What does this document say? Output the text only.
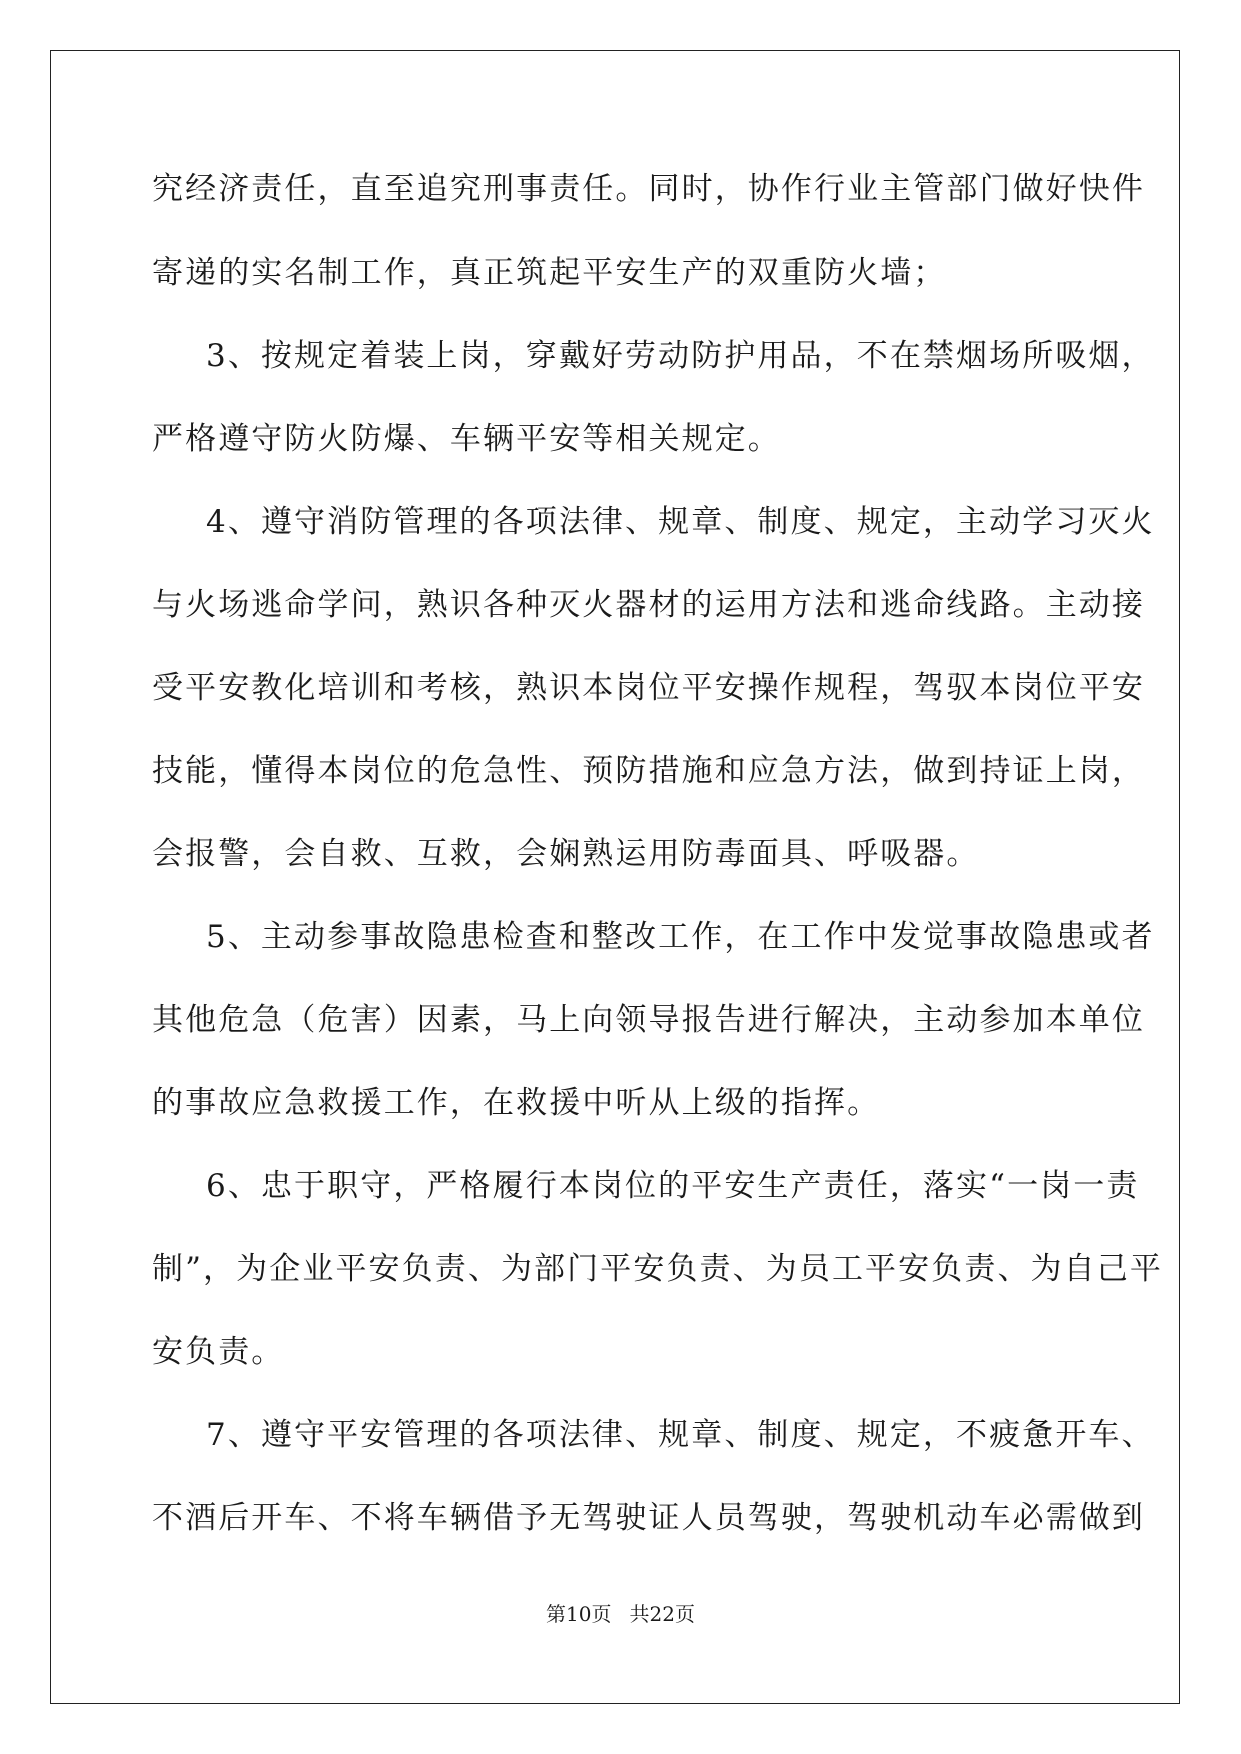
究经济责任，直至追究刑事责任。同时，协作行业主管部门做好快件
寄递的实名制工作，真正筑起平安生产的双重防火墙；
3、按规定着装上岗，穿戴好劳动防护用品，不在禁烟场所吸烟，
严格遵守防火防爆、车辆平安等相关规定。
4、遵守消防管理的各项法律、规章、制度、规定，主动学习灭火
与火场逃命学问，熟识各种灭火器材的运用方法和逃命线路。主动接
受平安教化培训和考核，熟识本岗位平安操作规程，驾驭本岗位平安
技能，懂得本岗位的危急性、预防措施和应急方法，做到持证上岗，
会报警，会自救、互救，会娴熟运用防毒面具、呼吸器。
5、主动参事故隐患检查和整改工作，在工作中发觉事故隐患或者
其他危急（危害）因素，马上向领导报告进行解决，主动参加本单位
的事故应急救援工作，在救援中听从上级的指挥。
6、忠于职守，严格履行本岗位的平安生产责任，落实“一岗一责
制”，为企业平安负责、为部门平安负责、为员工平安负责、为自己平
安负责。
7、遵守平安管理的各项法律、规章、制度、规定，不疲惫开车、
不酒后开车、不将车辆借予无驾驶证人员驾驶，驾驶机动车必需做到
第10页 共22页
